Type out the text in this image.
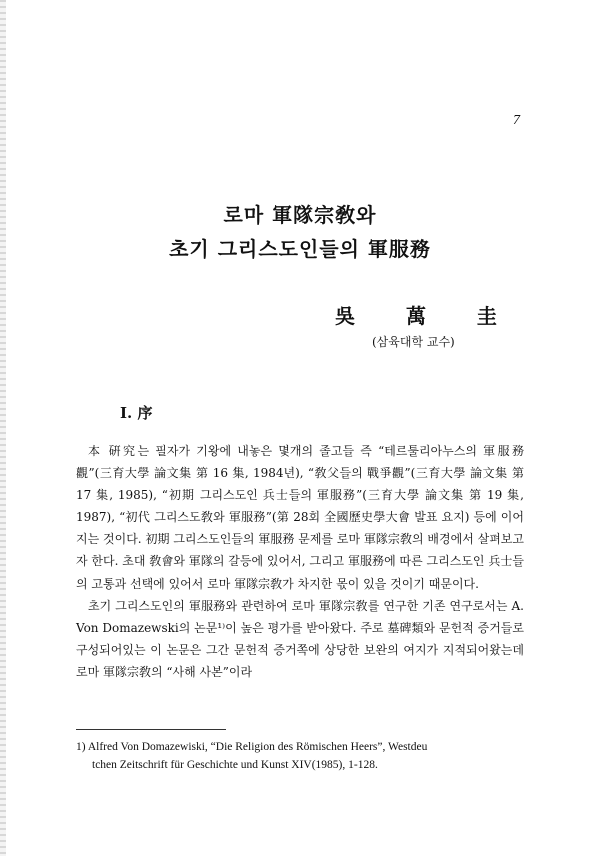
7
로마 軍隊宗敎와
초기 그리스도인들의 軍服務
吳 萬 圭
(삼육대학 교수)
I. 序

本 硏究는 필자가 기왕에 내놓은 몇개의 졸고들 즉 “테르툴리아누스의 軍服務觀”(三育大學 論文集 第 16 集, 1984년), “敎父들의 戰爭觀”(三育大學 論文集 第 17 集, 1985), “初期 그리스도인 兵士들의 軍服務”(三育大學 論文集 第 19 集, 1987), “初代 그리스도敎와 軍服務”(第 28회 全國歷史學大會 발표 요지) 등에 이어지는 것이다. 初期 그리스도인들의 軍服務 문제를 로마 軍隊宗敎의 배경에서 살펴보고자 한다. 초대 敎會와 軍隊의 갈등에 있어서, 그리고 軍服務에 따른 그리스도인 兵士들의 고통과 선택에 있어서 로마 軍隊宗敎가 차지한 몫이 있을 것이기 때문이다.

초기 그리스도인의 軍服務와 관련하여 로마 軍隊宗敎를 연구한 기존 연구로서는 A. Von Domazewski의 논문¹⁾이 높은 평가를 받아왔다. 주로 墓碑類와 문헌적 증거들로 구성되어있는 이 논문은 그간 문헌적 증거쪽에 상당한 보완의 여지가 지적되어왔는데 로마 軍隊宗敎의 “사해 사본”이라

1) Alfred Von Domazewiski, “Die Religion des Römischen Heers”, Westdeu
tchen Zeitschrift für Geschichte und Kunst XIV(1985), 1-128.
